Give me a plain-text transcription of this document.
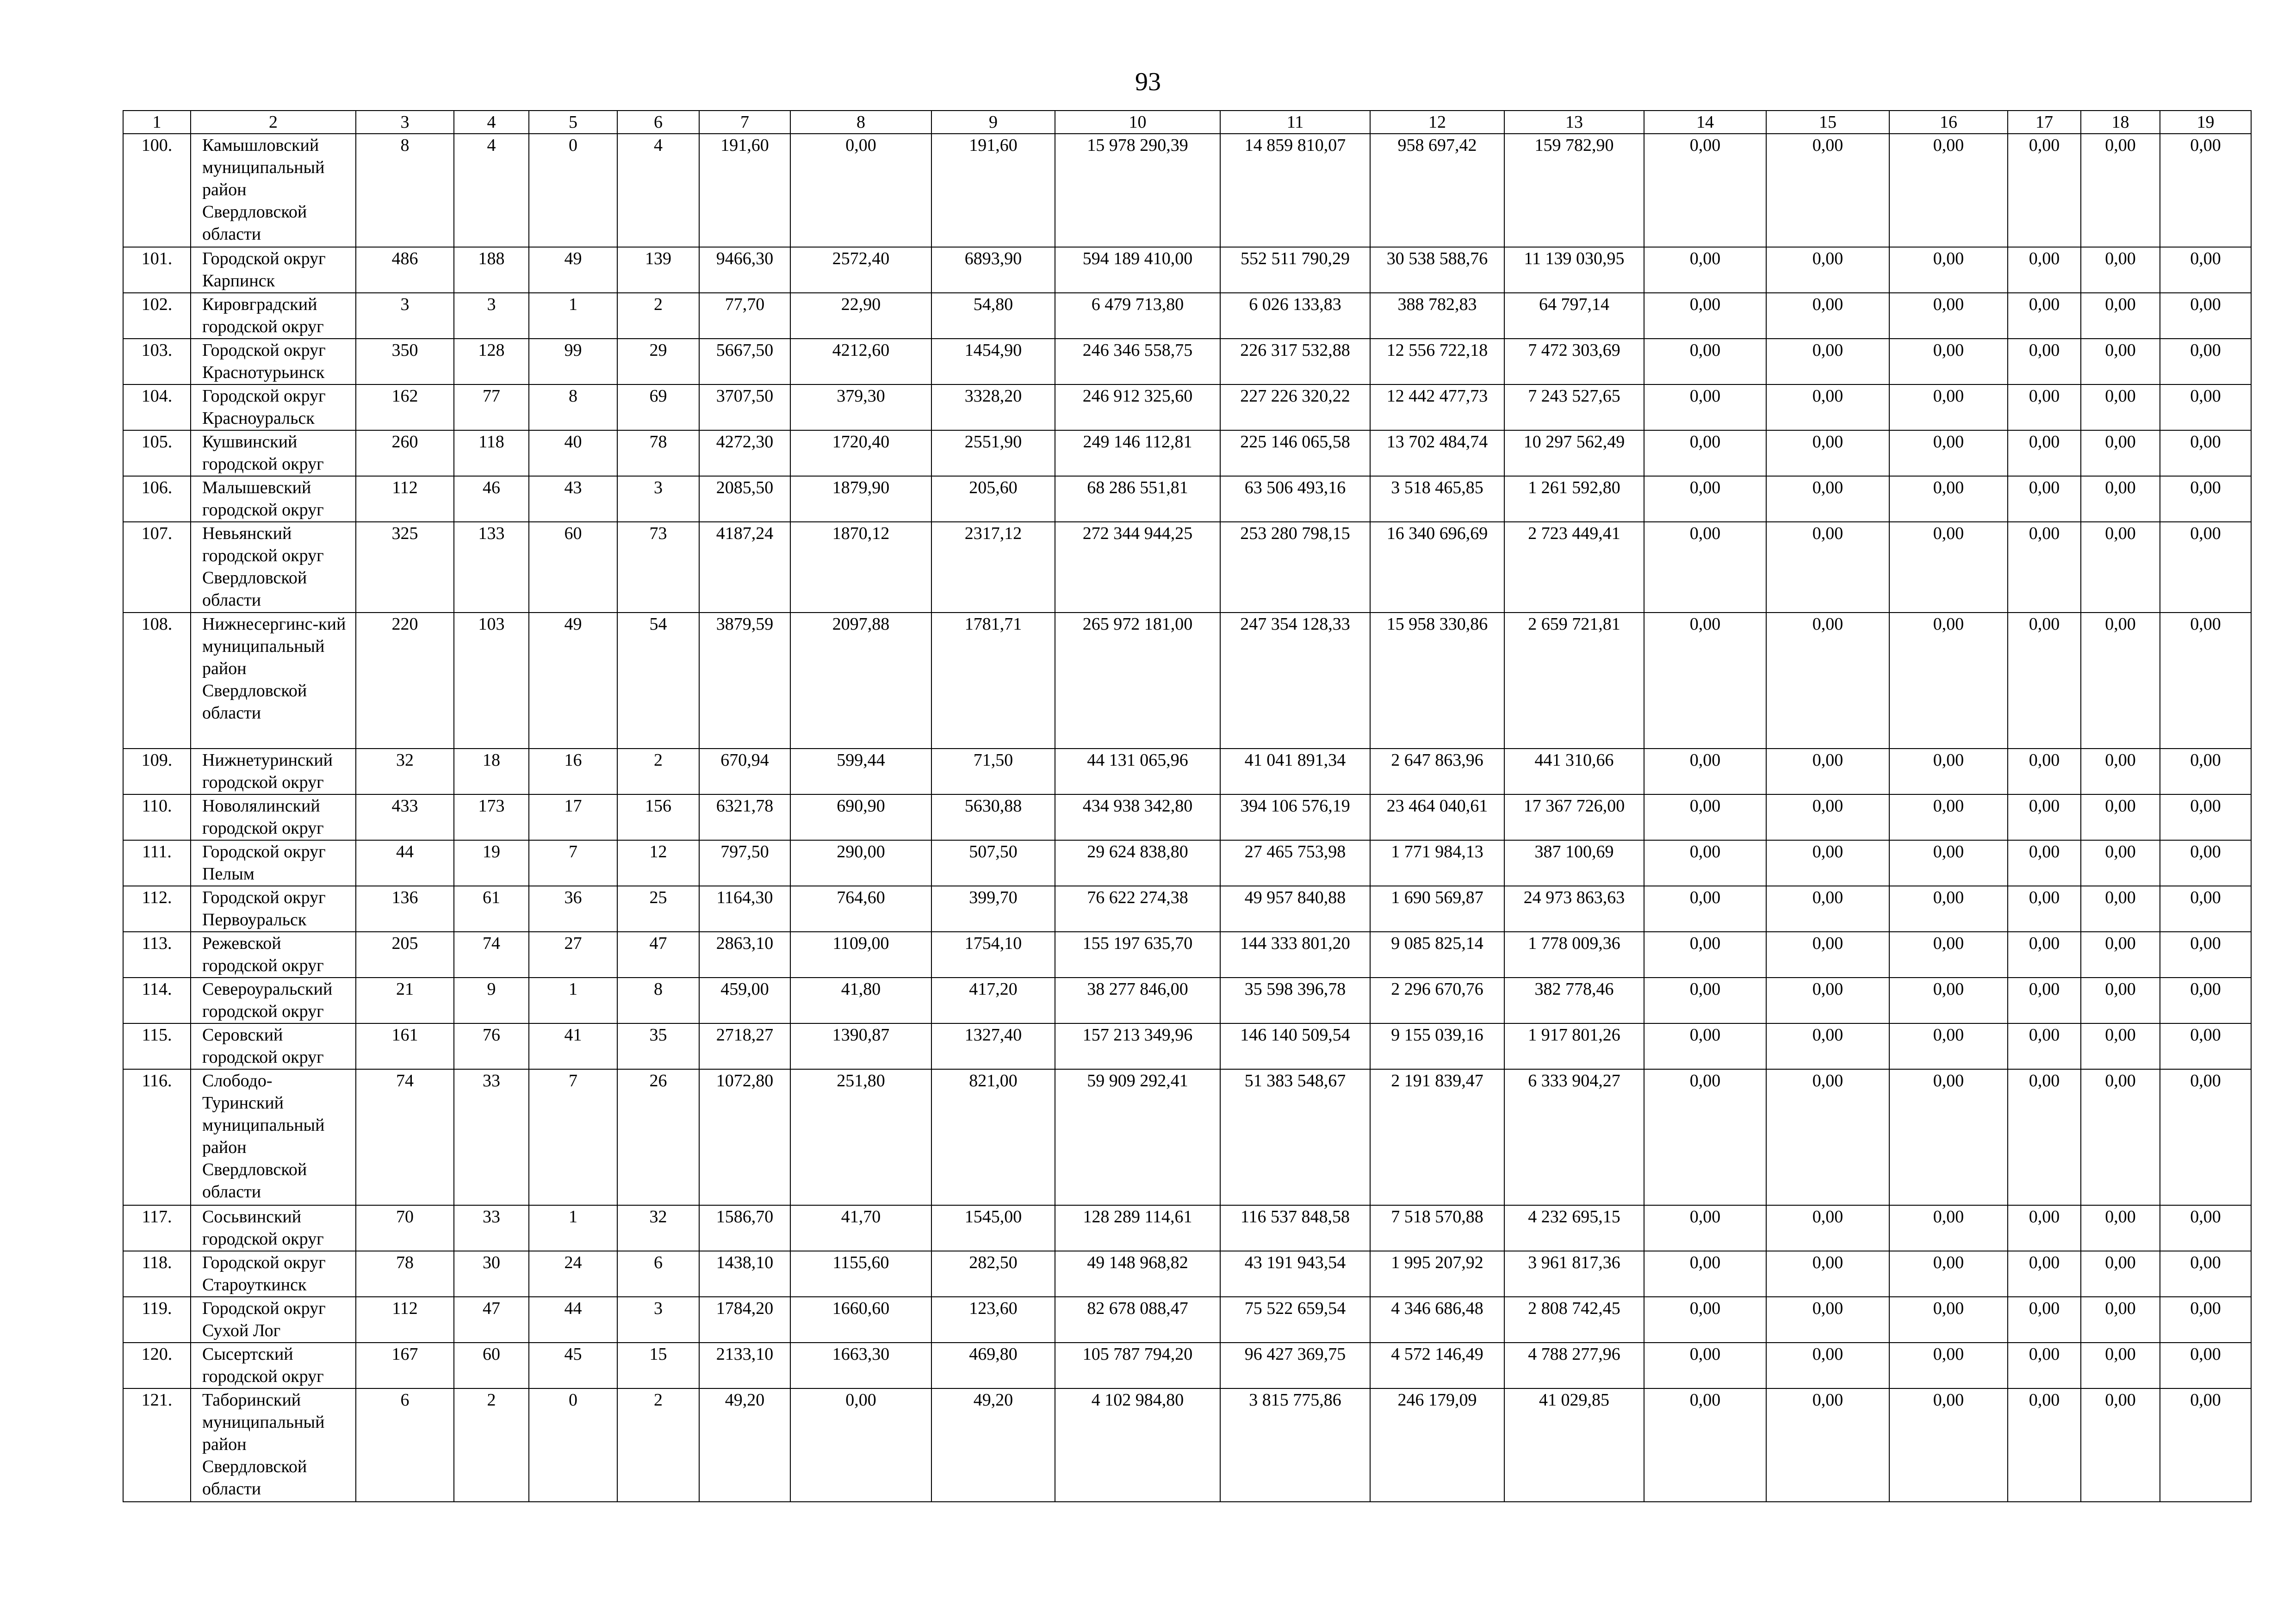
93
1	2	3	4	5	6	7	8	9	10	11	12	13	14	15	16	17	18	19
100.	Камышловский муниципальный район Свердловской области	8	4	0	4	191,60	0,00	191,60	15 978 290,39	14 859 810,07	958 697,42	159 782,90	0,00	0,00	0,00	0,00	0,00	0,00
101.	Городской округ Карпинск	486	188	49	139	9466,30	2572,40	6893,90	594 189 410,00	552 511 790,29	30 538 588,76	11 139 030,95	0,00	0,00	0,00	0,00	0,00	0,00
102.	Кировградский городской округ	3	3	1	2	77,70	22,90	54,80	6 479 713,80	6 026 133,83	388 782,83	64 797,14	0,00	0,00	0,00	0,00	0,00	0,00
103.	Городской округ Краснотурьинск	350	128	99	29	5667,50	4212,60	1454,90	246 346 558,75	226 317 532,88	12 556 722,18	7 472 303,69	0,00	0,00	0,00	0,00	0,00	0,00
104.	Городской округ Красноуральск	162	77	8	69	3707,50	379,30	3328,20	246 912 325,60	227 226 320,22	12 442 477,73	7 243 527,65	0,00	0,00	0,00	0,00	0,00	0,00
105.	Кушвинский городской округ	260	118	40	78	4272,30	1720,40	2551,90	249 146 112,81	225 146 065,58	13 702 484,74	10 297 562,49	0,00	0,00	0,00	0,00	0,00	0,00
106.	Малышевский городской округ	112	46	43	3	2085,50	1879,90	205,60	68 286 551,81	63 506 493,16	3 518 465,85	1 261 592,80	0,00	0,00	0,00	0,00	0,00	0,00
107.	Невьянский городской округ Свердловской области	325	133	60	73	4187,24	1870,12	2317,12	272 344 944,25	253 280 798,15	16 340 696,69	2 723 449,41	0,00	0,00	0,00	0,00	0,00	0,00
108.	Нижнесергинс-кий муниципальный район Свердловской области	220	103	49	54	3879,59	2097,88	1781,71	265 972 181,00	247 354 128,33	15 958 330,86	2 659 721,81	0,00	0,00	0,00	0,00	0,00	0,00
109.	Нижнетуринский городской округ	32	18	16	2	670,94	599,44	71,50	44 131 065,96	41 041 891,34	2 647 863,96	441 310,66	0,00	0,00	0,00	0,00	0,00	0,00
110.	Новолялинский городской округ	433	173	17	156	6321,78	690,90	5630,88	434 938 342,80	394 106 576,19	23 464 040,61	17 367 726,00	0,00	0,00	0,00	0,00	0,00	0,00
111.	Городской округ Пелым	44	19	7	12	797,50	290,00	507,50	29 624 838,80	27 465 753,98	1 771 984,13	387 100,69	0,00	0,00	0,00	0,00	0,00	0,00
112.	Городской округ Первоуральск	136	61	36	25	1164,30	764,60	399,70	76 622 274,38	49 957 840,88	1 690 569,87	24 973 863,63	0,00	0,00	0,00	0,00	0,00	0,00
113.	Режевской городской округ	205	74	27	47	2863,10	1109,00	1754,10	155 197 635,70	144 333 801,20	9 085 825,14	1 778 009,36	0,00	0,00	0,00	0,00	0,00	0,00
114.	Североуральский городской округ	21	9	1	8	459,00	41,80	417,20	38 277 846,00	35 598 396,78	2 296 670,76	382 778,46	0,00	0,00	0,00	0,00	0,00	0,00
115.	Серовский городской округ	161	76	41	35	2718,27	1390,87	1327,40	157 213 349,96	146 140 509,54	9 155 039,16	1 917 801,26	0,00	0,00	0,00	0,00	0,00	0,00
116.	Слободо-Туринский муниципальный район Свердловской области	74	33	7	26	1072,80	251,80	821,00	59 909 292,41	51 383 548,67	2 191 839,47	6 333 904,27	0,00	0,00	0,00	0,00	0,00	0,00
117.	Сосьвинский городской округ	70	33	1	32	1586,70	41,70	1545,00	128 289 114,61	116 537 848,58	7 518 570,88	4 232 695,15	0,00	0,00	0,00	0,00	0,00	0,00
118.	Городской округ Староуткинск	78	30	24	6	1438,10	1155,60	282,50	49 148 968,82	43 191 943,54	1 995 207,92	3 961 817,36	0,00	0,00	0,00	0,00	0,00	0,00
119.	Городской округ Сухой Лог	112	47	44	3	1784,20	1660,60	123,60	82 678 088,47	75 522 659,54	4 346 686,48	2 808 742,45	0,00	0,00	0,00	0,00	0,00	0,00
120.	Сысертский городской округ	167	60	45	15	2133,10	1663,30	469,80	105 787 794,20	96 427 369,75	4 572 146,49	4 788 277,96	0,00	0,00	0,00	0,00	0,00	0,00
121.	Таборинский муниципальный район Свердловской области	6	2	0	2	49,20	0,00	49,20	4 102 984,80	3 815 775,86	246 179,09	41 029,85	0,00	0,00	0,00	0,00	0,00	0,00
